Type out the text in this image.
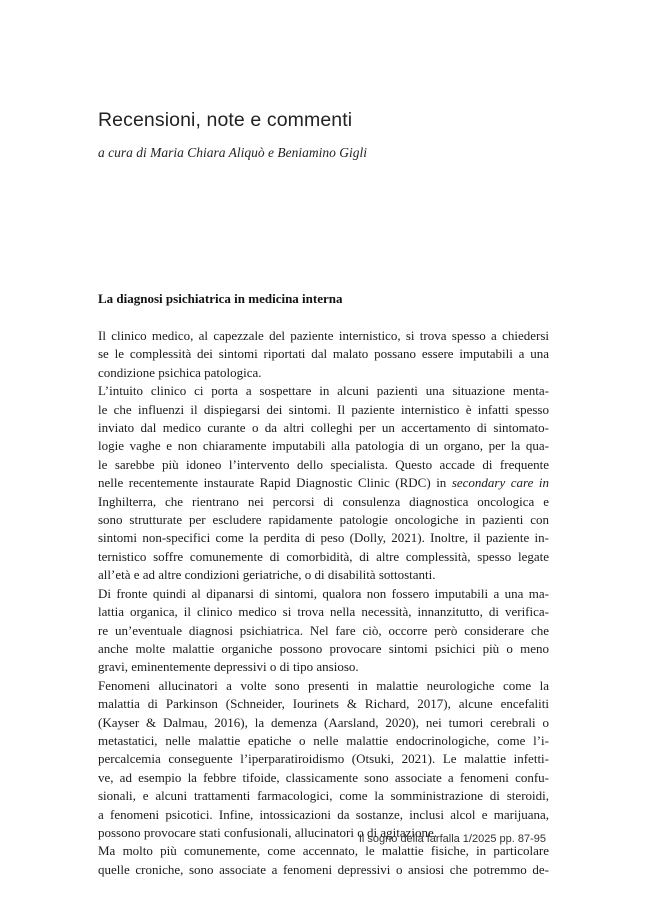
Recensioni, note e commenti

a cura di Maria Chiara Aliquò e Beniamino Gigli

La diagnosi psichiatrica in medicina interna

Il clinico medico, al capezzale del paziente internistico, si trova spesso a chiedersi
se le complessità dei sintomi riportati dal malato possano essere imputabili a una
condizione psichica patologica.

L’intuito clinico ci porta a sospettare in alcuni pazienti una situazione menta-
le che influenzi il dispiegarsi dei sintomi. Il paziente internistico è infatti spesso
inviato dal medico curante o da altri colleghi per un accertamento di sintomato-
logie vaghe e non chiaramente imputabili alla patologia di un organo, per la qua-
le sarebbe più idoneo l’intervento dello specialista. Questo accade di frequente
nelle recentemente instaurate Rapid Diagnostic Clinic (RDC) in secondary care in
Inghilterra, che rientrano nei percorsi di consulenza diagnostica oncologica e
sono strutturate per escludere rapidamente patologie oncologiche in pazienti con
sintomi non-specifici come la perdita di peso (Dolly, 2021). Inoltre, il paziente in-
ternistico soffre comunemente di comorbidità, di altre complessità, spesso legate
all’età e ad altre condizioni geriatriche, o di disabilità sottostanti.

Di fronte quindi al dipanarsi di sintomi, qualora non fossero imputabili a una ma-
lattia organica, il clinico medico si trova nella necessità, innanzitutto, di verifica-
re un’eventuale diagnosi psichiatrica. Nel fare ciò, occorre però considerare che
anche molte malattie organiche possono provocare sintomi psichici più o meno
gravi, eminentemente depressivi o di tipo ansioso.

Fenomeni allucinatori a volte sono presenti in malattie neurologiche come la
malattia di Parkinson (Schneider, Iourinets & Richard, 2017), alcune encefaliti
(Kayser & Dalmau, 2016), la demenza (Aarsland, 2020), nei tumori cerebrali o
metastatici, nelle malattie epatiche o nelle malattie endocrinologiche, come l’i-
percalcemia conseguente l’iperparatiroidismo (Otsuki, 2021). Le malattie infetti-
ve, ad esempio la febbre tifoide, classicamente sono associate a fenomeni confu-
sionali, e alcuni trattamenti farmacologici, come la somministrazione di steroidi,
a fenomeni psicotici. Infine, intossicazioni da sostanze, inclusi alcol e marijuana,
possono provocare stati confusionali, allucinatori o di agitazione.

Ma molto più comunemente, come accennato, le malattie fisiche, in particolare
quelle croniche, sono associate a fenomeni depressivi o ansiosi che potremmo de-

Il sogno della farfalla 1/2025 pp. 87-95
